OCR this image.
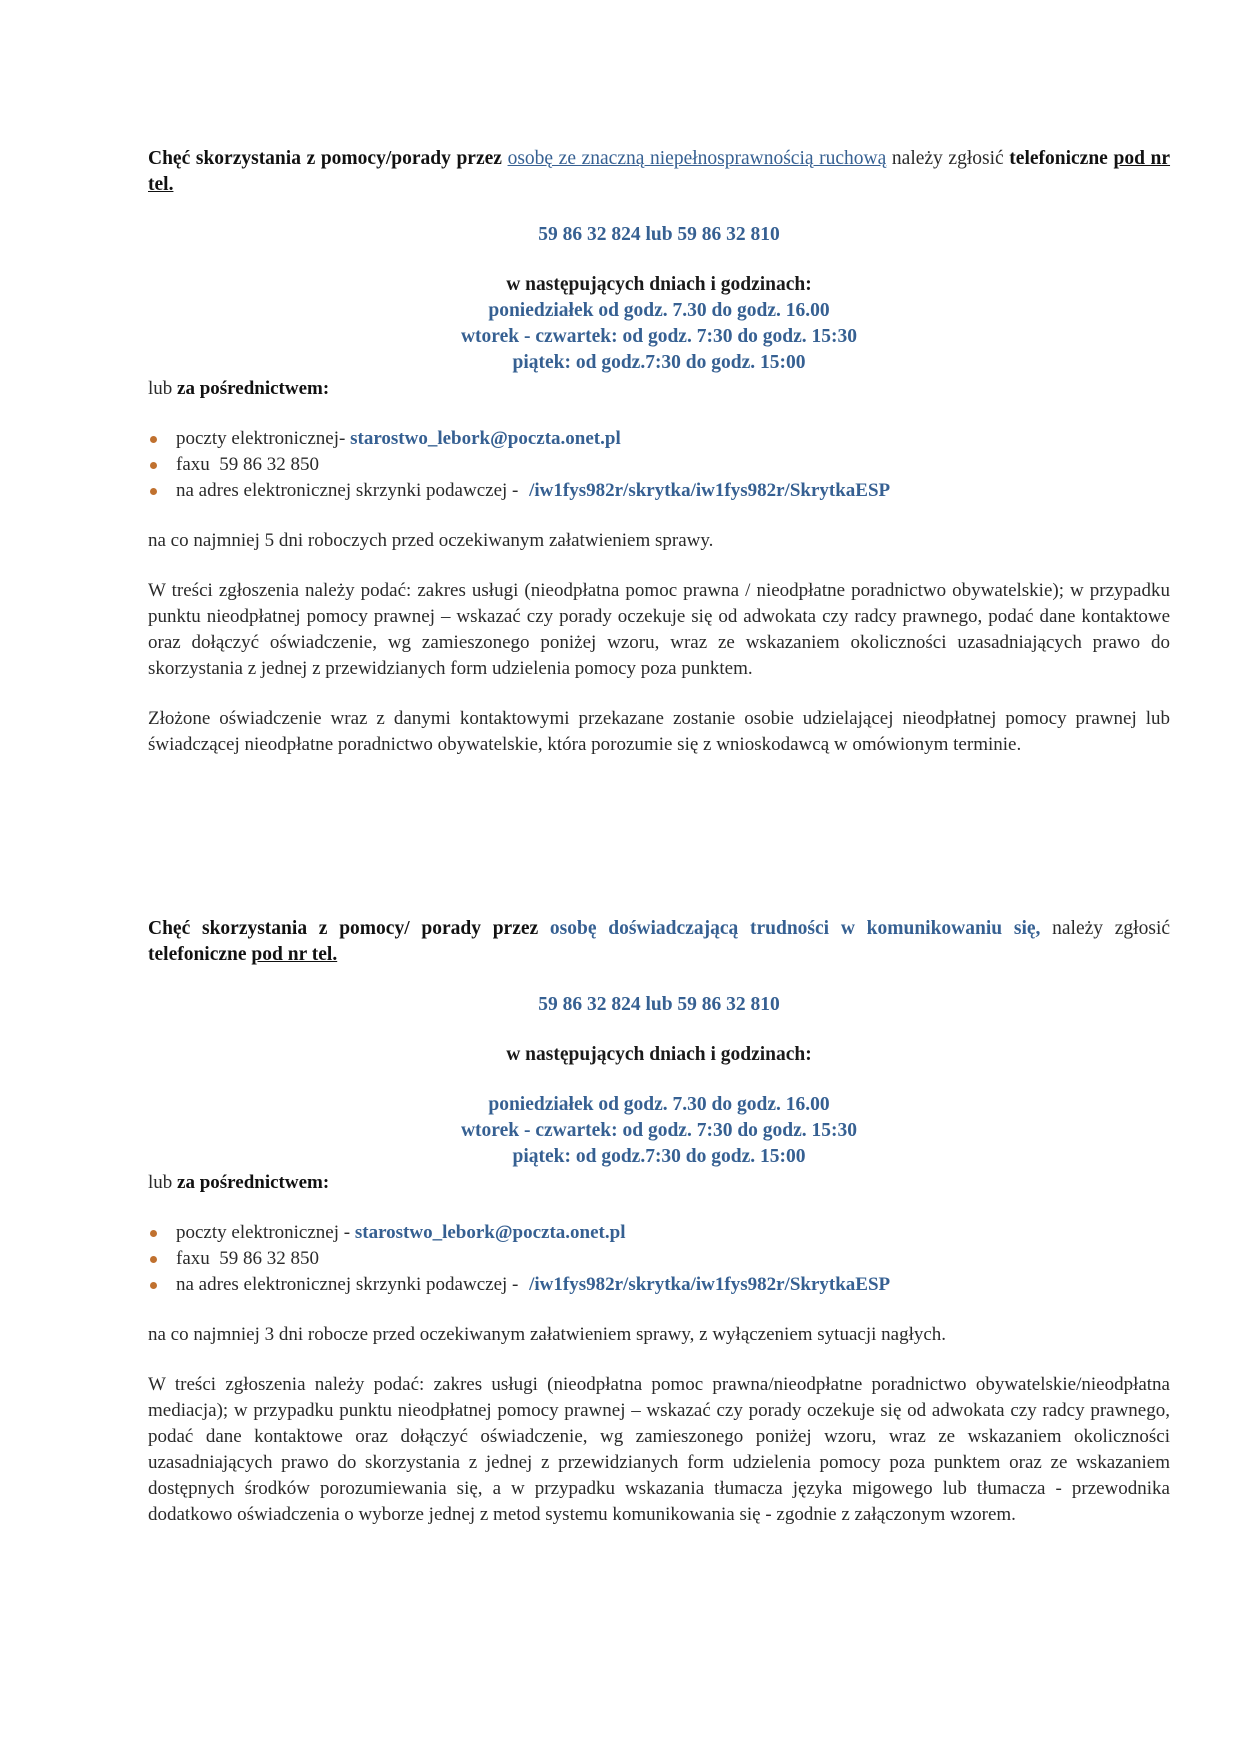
Chęć skorzystania z pomocy/porady przez osobę ze znaczną niepełnosprawnością ruchową należy zgłosić telefoniczne pod nr tel.

59 86 32 824 lub 59 86 32 810

w następujących dniach i godzinach:

poniedziałek od godz. 7.30 do godz. 16.00

wtorek - czwartek: od godz. 7:30 do godz. 15:30

piątek: od godz.7:30 do godz. 15:00

lub za pośrednictwem:

poczty elektronicznej- starostwo_lebork@poczta.onet.pl
faxu  59 86 32 850
na adres elektronicznej skrzynki podawczej - /iw1fys982r/skrytka/iw1fys982r/SkrytkaESP

na co najmniej 5 dni roboczych przed oczekiwanym załatwieniem sprawy.

W treści zgłoszenia należy podać: zakres usługi (nieodpłatna pomoc prawna / nieodpłatne poradnictwo obywatelskie); w przypadku punktu nieodpłatnej pomocy prawnej – wskazać czy porady oczekuje się od adwokata czy radcy prawnego, podać dane kontaktowe oraz dołączyć oświadczenie, wg zamieszonego poniżej wzoru, wraz ze wskazaniem okoliczności uzasadniających prawo do skorzystania z jednej z przewidzianych form udzielenia pomocy poza punktem.

Złożone oświadczenie wraz z danymi kontaktowymi przekazane zostanie osobie udzielającej nieodpłatnej pomocy prawnej lub świadczącej nieodpłatne poradnictwo obywatelskie, która porozumie się z wnioskodawcą w omówionym terminie.

Chęć skorzystania z pomocy/ porady przez osobę doświadczającą trudności w komunikowaniu się, należy zgłosić telefoniczne pod nr tel.

59 86 32 824 lub 59 86 32 810

w następujących dniach i godzinach:

poniedziałek od godz. 7.30 do godz. 16.00

wtorek - czwartek: od godz. 7:30 do godz. 15:30

piątek: od godz.7:30 do godz. 15:00

lub za pośrednictwem:

poczty elektronicznej - starostwo_lebork@poczta.onet.pl
faxu  59 86 32 850
na adres elektronicznej skrzynki podawczej - /iw1fys982r/skrytka/iw1fys982r/SkrytkaESP

na co najmniej 3 dni robocze przed oczekiwanym załatwieniem sprawy, z wyłączeniem sytuacji nagłych.

W treści zgłoszenia należy podać: zakres usługi (nieodpłatna pomoc prawna/nieodpłatne poradnictwo obywatelskie/nieodpłatna mediacja); w przypadku punktu nieodpłatnej pomocy prawnej – wskazać czy porady oczekuje się od adwokata czy radcy prawnego, podać dane kontaktowe oraz dołączyć oświadczenie, wg zamieszonego poniżej wzoru, wraz ze wskazaniem okoliczności uzasadniających prawo do skorzystania z jednej z przewidzianych form udzielenia pomocy poza punktem oraz ze wskazaniem dostępnych środków porozumiewania się, a w przypadku wskazania tłumacza języka migowego lub tłumacza - przewodnika dodatkowo oświadczenia o wyborze jednej z metod systemu komunikowania się - zgodnie z załączonym wzorem.
